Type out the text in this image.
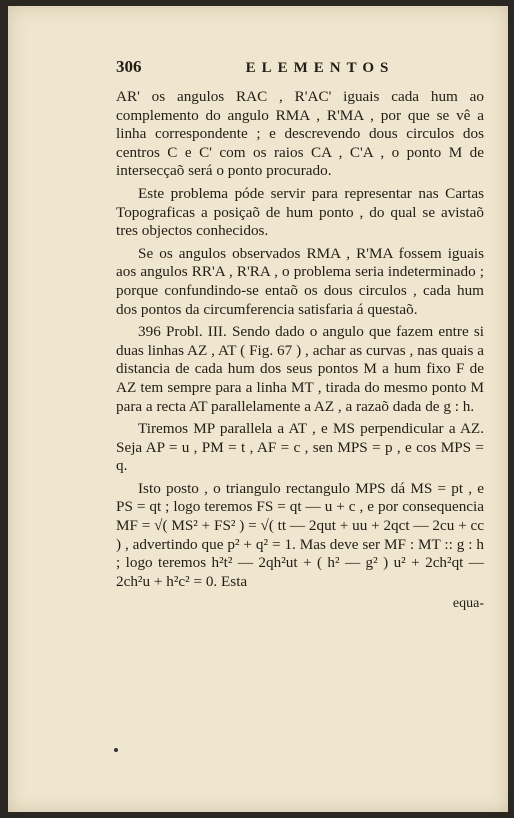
306	ELEMENTOS

AR' os angulos RAC , R'AC' iguais cada hum ao complemento do angulo RMA , R'MA , por que se vê a linha correspondente ; e descrevendo dous circulos dos centros C e C' com os raios CA , C'A , o ponto M de intersecçaõ será o ponto procurado.

Este problema póde servir para representar nas Cartas Topograficas a posiçaõ de hum ponto , do qual se avistaõ tres objectos conhecidos.

Se os angulos observados RMA , R'MA fossem iguais aos angulos RR'A , R'RA , o problema seria indeterminado ; porque confundindo-se entaõ os dous circulos , cada hum dos pontos da circumferencia satisfaria á questaõ.

396 Probl. III. Sendo dado o angulo que fazem entre si duas linhas AZ , AT ( Fig. 67 ) , achar as curvas , nas quais a distancia de cada hum dos seus pontos M a hum fixo F de AZ tem sempre para a linha MT , tirada do mesmo ponto M para a recta AT parallelamente a AZ , a razaõ dada de g : h.

Tiremos MP parallela a AT , e MS perpendicular a AZ. Seja AP = u , PM = t , AF = c , sen MPS = p , e cos MPS = q.

Isto posto , o triangulo rectangulo MPS dá MS = pt , e PS = qt ; logo teremos FS = qt — u + c , e por consequencia MF = √( MS² + FS² ) = √( tt — 2qut + uu + 2qct — 2cu + cc ) , advertindo que p² + q² = 1. Mas deve ser MF : MT :: g : h ; logo teremos h²t² — 2qh²ut + ( h² — g² ) u² + 2ch²qt — 2ch²u + h²c² = 0. Esta

equa-
